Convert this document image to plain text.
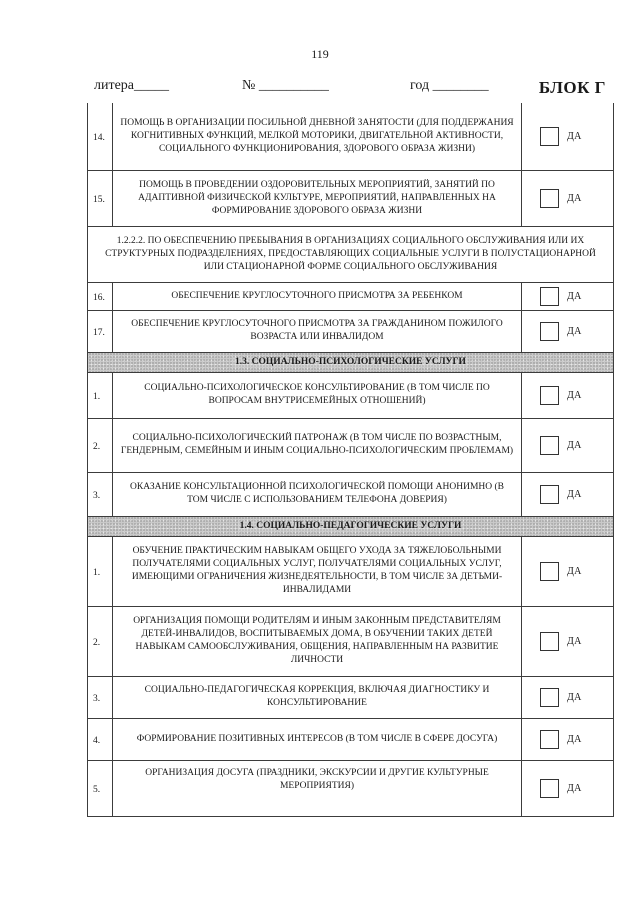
119
литера_____	№ __________	год ________	БЛОК Г
14.	ПОМОЩЬ В ОРГАНИЗАЦИИ ПОСИЛЬНОЙ ДНЕВНОЙ ЗАНЯТОСТИ (ДЛЯ ПОДДЕРЖАНИЯ КОГНИТИВНЫХ ФУНКЦИЙ, МЕЛКОЙ МОТОРИКИ, ДВИГАТЕЛЬНОЙ АКТИВНОСТИ, СОЦИАЛЬНОГО ФУНКЦИОНИРОВАНИЯ, ЗДОРОВОГО ОБРАЗА ЖИЗНИ)	ДА

15.	ПОМОЩЬ В ПРОВЕДЕНИИ ОЗДОРОВИТЕЛЬНЫХ МЕРОПРИЯТИЙ, ЗАНЯТИЙ ПО АДАПТИВНОЙ ФИЗИЧЕСКОЙ КУЛЬТУРЕ, МЕРОПРИЯТИЙ, НАПРАВЛЕННЫХ НА ФОРМИРОВАНИЕ ЗДОРОВОГО ОБРАЗА ЖИЗНИ	ДА

1.2.2.2. ПО ОБЕСПЕЧЕНИЮ ПРЕБЫВАНИЯ В ОРГАНИЗАЦИЯХ СОЦИАЛЬНОГО ОБСЛУЖИВАНИЯ ИЛИ ИХ СТРУКТУРНЫХ ПОДРАЗДЕЛЕНИЯХ, ПРЕДОСТАВЛЯЮЩИХ СОЦИАЛЬНЫЕ УСЛУГИ В ПОЛУСТАЦИОНАРНОЙ ИЛИ СТАЦИОНАРНОЙ ФОРМЕ СОЦИАЛЬНОГО ОБСЛУЖИВАНИЯ		
16.	ОБЕСПЕЧЕНИЕ КРУГЛОСУТОЧНОГО ПРИСМОТРА ЗА РЕБЕНКОМ	ДА

17.	ОБЕСПЕЧЕНИЕ КРУГЛОСУТОЧНОГО ПРИСМОТРА ЗА ГРАЖДАНИНОМ ПОЖИЛОГО ВОЗРАСТА ИЛИ ИНВАЛИДОМ	ДА

1.3. СОЦИАЛЬНО-ПСИХОЛОГИЧЕСКИЕ УСЛУГИ		
1.	СОЦИАЛЬНО-ПСИХОЛОГИЧЕСКОЕ КОНСУЛЬТИРОВАНИЕ (В ТОМ ЧИСЛЕ ПО ВОПРОСАМ ВНУТРИСЕМЕЙНЫХ ОТНОШЕНИЙ)	ДА

2.	СОЦИАЛЬНО-ПСИХОЛОГИЧЕСКИЙ ПАТРОНАЖ (В ТОМ ЧИСЛЕ ПО ВОЗРАСТНЫМ, ГЕНДЕРНЫМ, СЕМЕЙНЫМ И ИНЫМ СОЦИАЛЬНО-ПСИХОЛОГИЧЕСКИМ ПРОБЛЕМАМ)	ДА

3.	ОКАЗАНИЕ КОНСУЛЬТАЦИОННОЙ ПСИХОЛОГИЧЕСКОЙ ПОМОЩИ АНОНИМНО (В ТОМ ЧИСЛЕ С ИСПОЛЬЗОВАНИЕМ ТЕЛЕФОНА ДОВЕРИЯ)	ДА

1.4. СОЦИАЛЬНО-ПЕДАГОГИЧЕСКИЕ УСЛУГИ		
1.	ОБУЧЕНИЕ ПРАКТИЧЕСКИМ НАВЫКАМ ОБЩЕГО УХОДА ЗА ТЯЖЕЛОБОЛЬНЫМИ ПОЛУЧАТЕЛЯМИ СОЦИАЛЬНЫХ УСЛУГ, ПОЛУЧАТЕЛЯМИ СОЦИАЛЬНЫХ УСЛУГ, ИМЕЮЩИМИ ОГРАНИЧЕНИЯ ЖИЗНЕДЕЯТЕЛЬНОСТИ, В ТОМ ЧИСЛЕ ЗА ДЕТЬМИ-ИНВАЛИДАМИ	ДА

2.	ОРГАНИЗАЦИЯ ПОМОЩИ РОДИТЕЛЯМ И ИНЫМ ЗАКОННЫМ ПРЕДСТАВИТЕЛЯМ ДЕТЕЙ-ИНВАЛИДОВ, ВОСПИТЫВАЕМЫХ ДОМА, В ОБУЧЕНИИ ТАКИХ ДЕТЕЙ НАВЫКАМ САМООБСЛУЖИВАНИЯ, ОБЩЕНИЯ, НАПРАВЛЕННЫМ НА РАЗВИТИЕ ЛИЧНОСТИ	ДА

3.	СОЦИАЛЬНО-ПЕДАГОГИЧЕСКАЯ КОРРЕКЦИЯ, ВКЛЮЧАЯ ДИАГНОСТИКУ И КОНСУЛЬТИРОВАНИЕ	ДА

4.	ФОРМИРОВАНИЕ ПОЗИТИВНЫХ ИНТЕРЕСОВ (В ТОМ ЧИСЛЕ В СФЕРЕ ДОСУГА)	ДА

5.	ОРГАНИЗАЦИЯ ДОСУГА (ПРАЗДНИКИ, ЭКСКУРСИИ И ДРУГИЕ КУЛЬТУРНЫЕ МЕРОПРИЯТИЯ)	ДА
